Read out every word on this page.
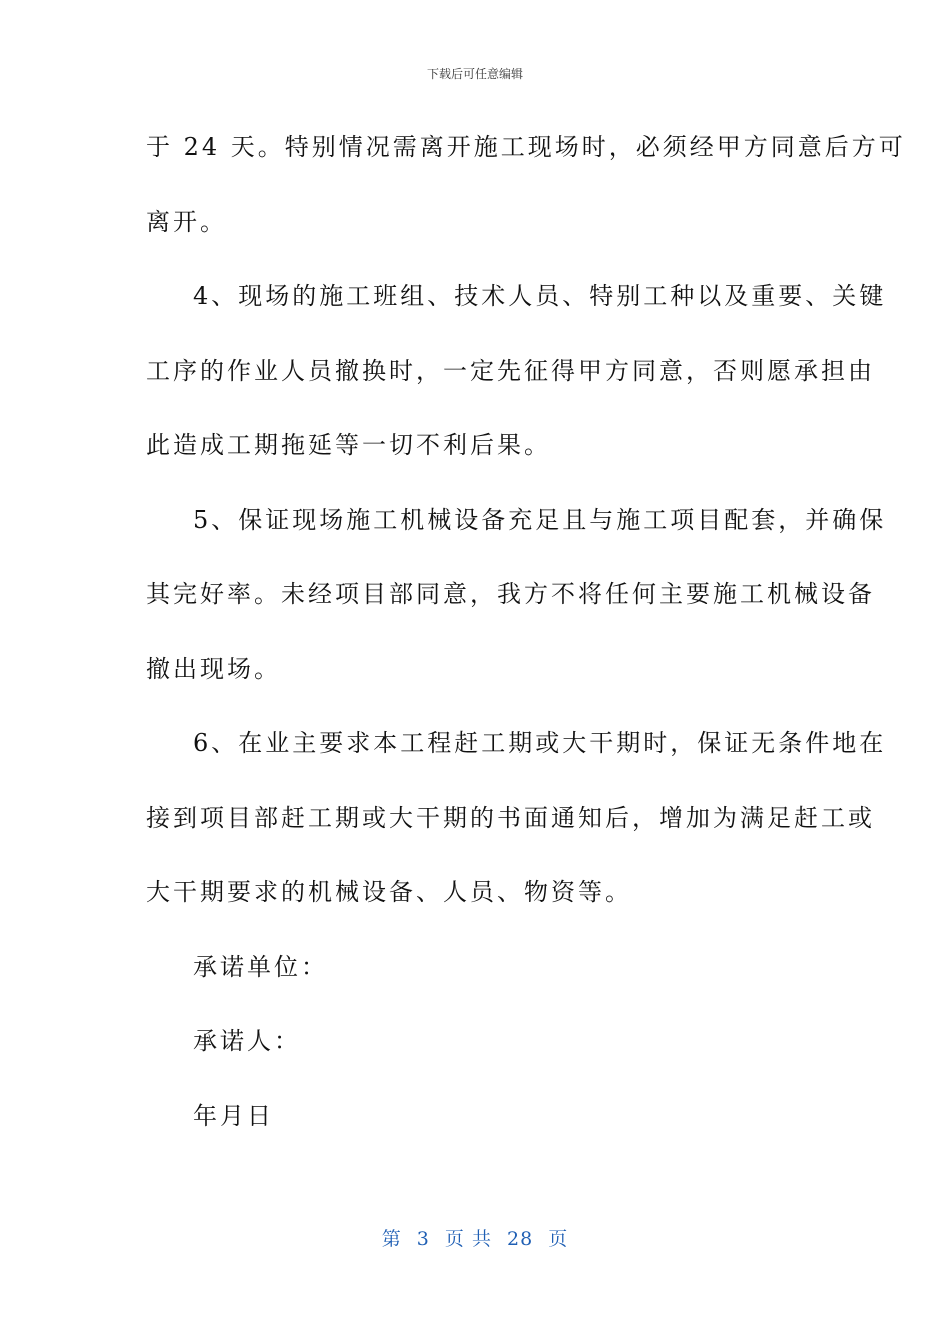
下载后可任意编辑
于 24 天。特别情况需离开施工现场时，必须经甲方同意后方可
离开。
4、现场的施工班组、技术人员、特别工种以及重要、关键
工序的作业人员撤换时，一定先征得甲方同意，否则愿承担由
此造成工期拖延等一切不利后果。
5、保证现场施工机械设备充足且与施工项目配套，并确保
其完好率。未经项目部同意，我方不将任何主要施工机械设备
撤出现场。
6、在业主要求本工程赶工期或大干期时，保证无条件地在
接到项目部赶工期或大干期的书面通知后，增加为满足赶工或
大干期要求的机械设备、人员、物资等。
承诺单位：
承诺人：
年月日
第 3 页 共 28 页
